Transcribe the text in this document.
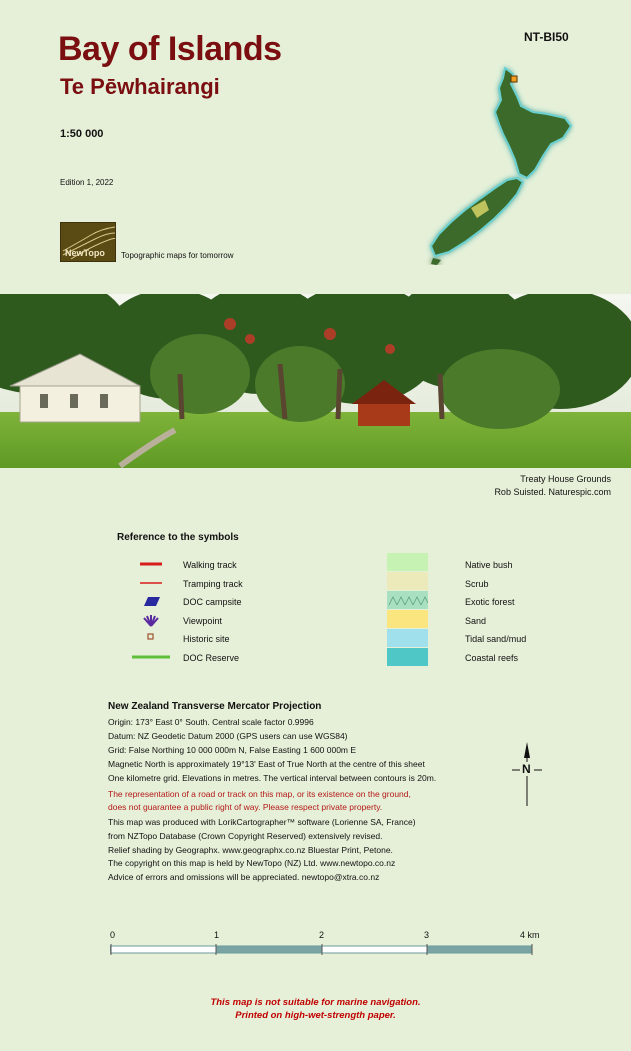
Bay of Islands
Te Pēwhairangi
NT-BI50
1:50 000
Edition 1, 2022
NewTopo Topographic maps for tomorrow
Treaty House Grounds
Rob Suisted. Naturespic.com
Reference to the symbols
Walking track
Tramping track
DOC campsite
Viewpoint
Historic site
DOC Reserve
Native bush
Scrub
Exotic forest
Sand
Tidal sand/mud
Coastal reefs
New Zealand Transverse Mercator Projection
Origin: 173° East 0° South. Central scale factor 0.9996
Datum: NZ Geodetic Datum 2000 (GPS users can use WGS84)
Grid: False Northing 10 000 000m N, False Easting 1 600 000m E
Magnetic North is approximately 19°13' East of True North at the centre of this sheet
One kilometre grid. Elevations in metres. The vertical interval between contours is 20m.
The representation of a road or track on this map, or its existence on the ground,
does not guarantee a public right of way. Please respect private property.
This map was produced with LorikCartographer™ software (Lorienne SA, France)
from NZTopo Database (Crown Copyright Reserved) extensively revised.
Relief shading by Geographx. www.geographx.co.nz Bluestar Print, Petone.
The copyright on this map is held by NewTopo (NZ) Ltd. www.newtopo.co.nz
Advice of errors and omissions will be appreciated. newtopo@xtra.co.nz
N
0	1	2	3	4 km
This map is not suitable for marine navigation.
Printed on high-wet-strength paper.
